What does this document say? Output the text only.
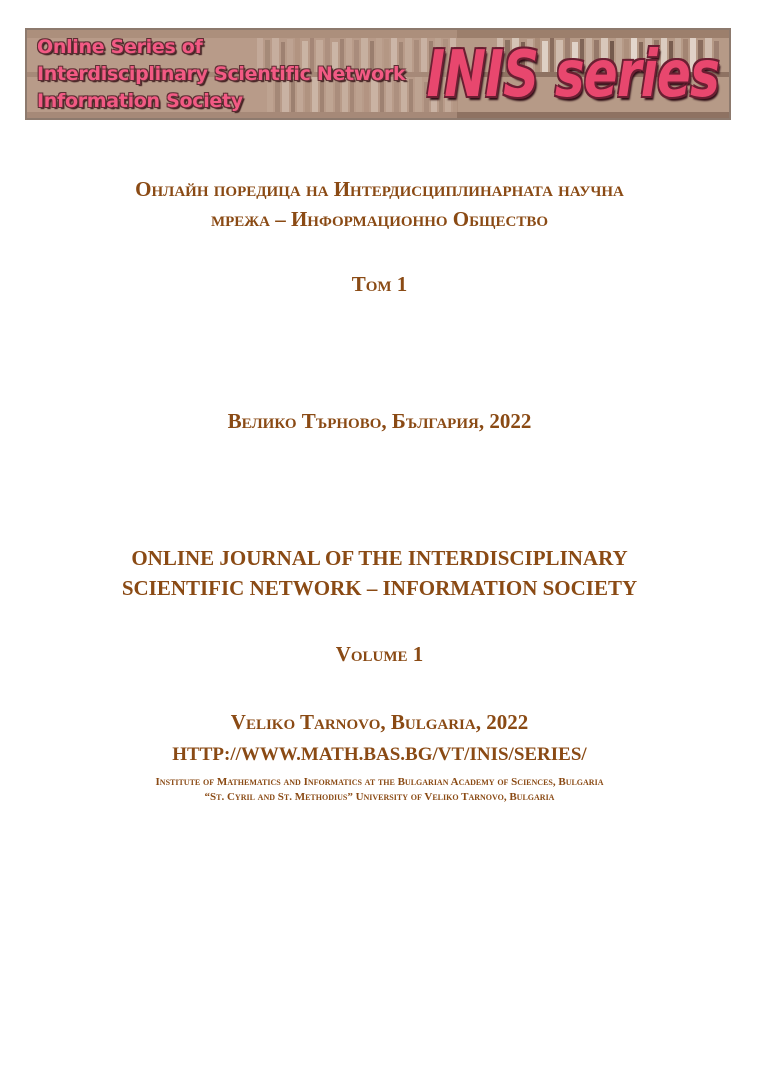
Online Series of
Interdisciplinary Scientific Network
Information Society	INIS series
Онлайн поредица на Интердисциплинарната научна
мрежа – Информационно Общество
Том 1
Велико Търново, България, 2022
ONLINE JOURNAL OF THE INTERDISCIPLINARY
SCIENTIFIC NETWORK – INFORMATION SOCIETY
Volume 1
Veliko Tarnovo, Bulgaria, 2022
HTTP://WWW.MATH.BAS.BG/VT/INIS/SERIES/
Institute of Mathematics and Informatics at the Bulgarian Academy of Sciences, Bulgaria
“St. Cyril and St. Methodius” University of Veliko Tarnovo, Bulgaria
